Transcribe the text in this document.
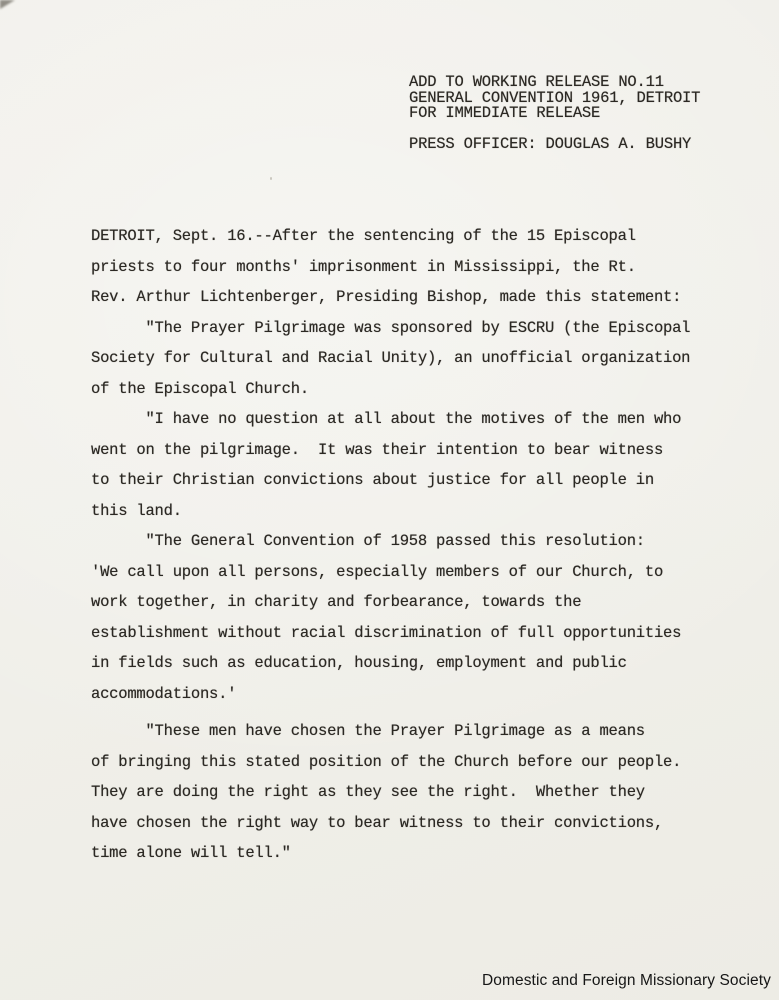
ADD TO WORKING RELEASE NO.11
GENERAL CONVENTION 1961, DETROIT
FOR IMMEDIATE RELEASE
PRESS OFFICER: DOUGLAS A. BUSHY
DETROIT, Sept. 16.--After the sentencing of the 15 Episcopal
priests to four months' imprisonment in Mississippi, the Rt.
Rev. Arthur Lichtenberger, Presiding Bishop, made this statement:
"The Prayer Pilgrimage was sponsored by ESCRU (the Episcopal
Society for Cultural and Racial Unity), an unofficial organization
of the Episcopal Church.
"I have no question at all about the motives of the men who
went on the pilgrimage.  It was their intention to bear witness
to their Christian convictions about justice for all people in
this land.
"The General Convention of 1958 passed this resolution:
'We call upon all persons, especially members of our Church, to
work together, in charity and forbearance, towards the
establishment without racial discrimination of full opportunities
in fields such as education, housing, employment and public
accommodations.'
"These men have chosen the Prayer Pilgrimage as a means
of bringing this stated position of the Church before our people.
They are doing the right as they see the right.  Whether they
have chosen the right way to bear witness to their convictions,
time alone will tell."
Domestic and Foreign Missionary Society
